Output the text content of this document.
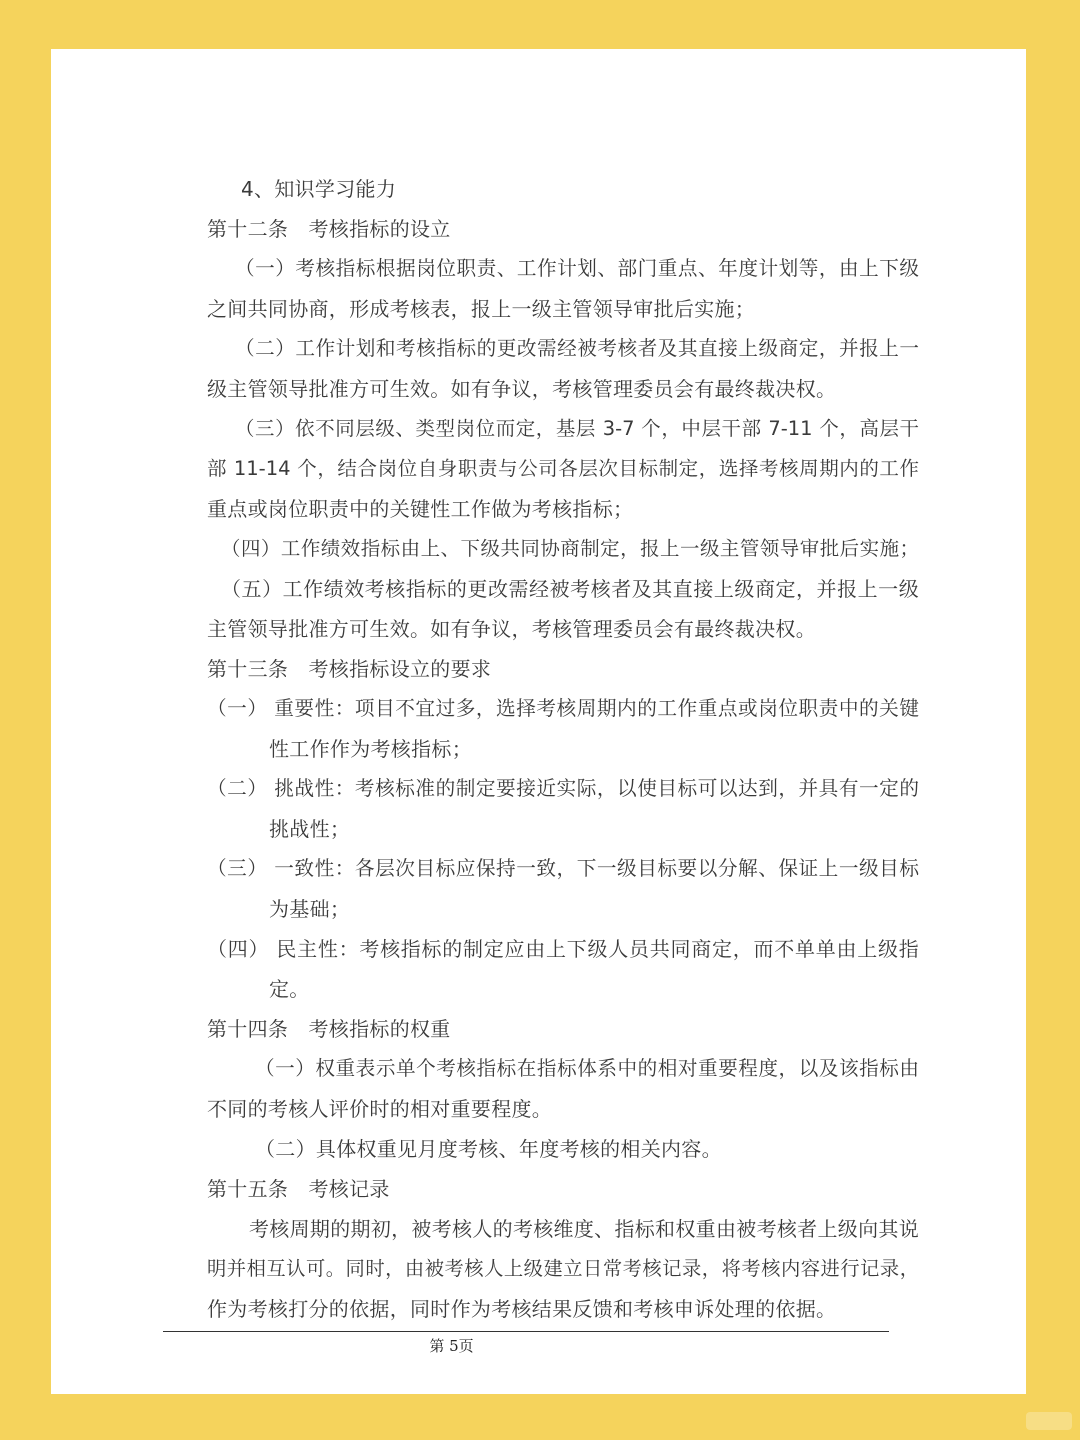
4、知识学习能力
第十二条　考核指标的设立
（一）考核指标根据岗位职责、工作计划、部门重点、年度计划等，由上下级
之间共同协商，形成考核表，报上一级主管领导审批后实施；
（二）工作计划和考核指标的更改需经被考核者及其直接上级商定，并报上一
级主管领导批准方可生效。如有争议，考核管理委员会有最终裁决权。
（三）依不同层级、类型岗位而定，基层 3-7 个，中层干部 7-11 个，高层干
部 11-14 个，结合岗位自身职责与公司各层次目标制定，选择考核周期内的工作
重点或岗位职责中的关键性工作做为考核指标；
（四）工作绩效指标由上、下级共同协商制定，报上一级主管领导审批后实施；
（五）工作绩效考核指标的更改需经被考核者及其直接上级商定，并报上一级
主管领导批准方可生效。如有争议，考核管理委员会有最终裁决权。
第十三条　考核指标设立的要求
（一） 重要性：项目不宜过多，选择考核周期内的工作重点或岗位职责中的关键
性工作作为考核指标；
（二） 挑战性：考核标准的制定要接近实际，以使目标可以达到，并具有一定的
挑战性；
（三） 一致性：各层次目标应保持一致，下一级目标要以分解、保证上一级目标
为基础；
（四） 民主性：考核指标的制定应由上下级人员共同商定，而不单单由上级指
定。
第十四条　考核指标的权重
（一）权重表示单个考核指标在指标体系中的相对重要程度，以及该指标由
不同的考核人评价时的相对重要程度。
（二）具体权重见月度考核、年度考核的相关内容。
第十五条　考核记录
考核周期的期初，被考核人的考核维度、指标和权重由被考核者上级向其说
明并相互认可。同时，由被考核人上级建立日常考核记录，将考核内容进行记录，
作为考核打分的依据，同时作为考核结果反馈和考核申诉处理的依据。
第 5页
